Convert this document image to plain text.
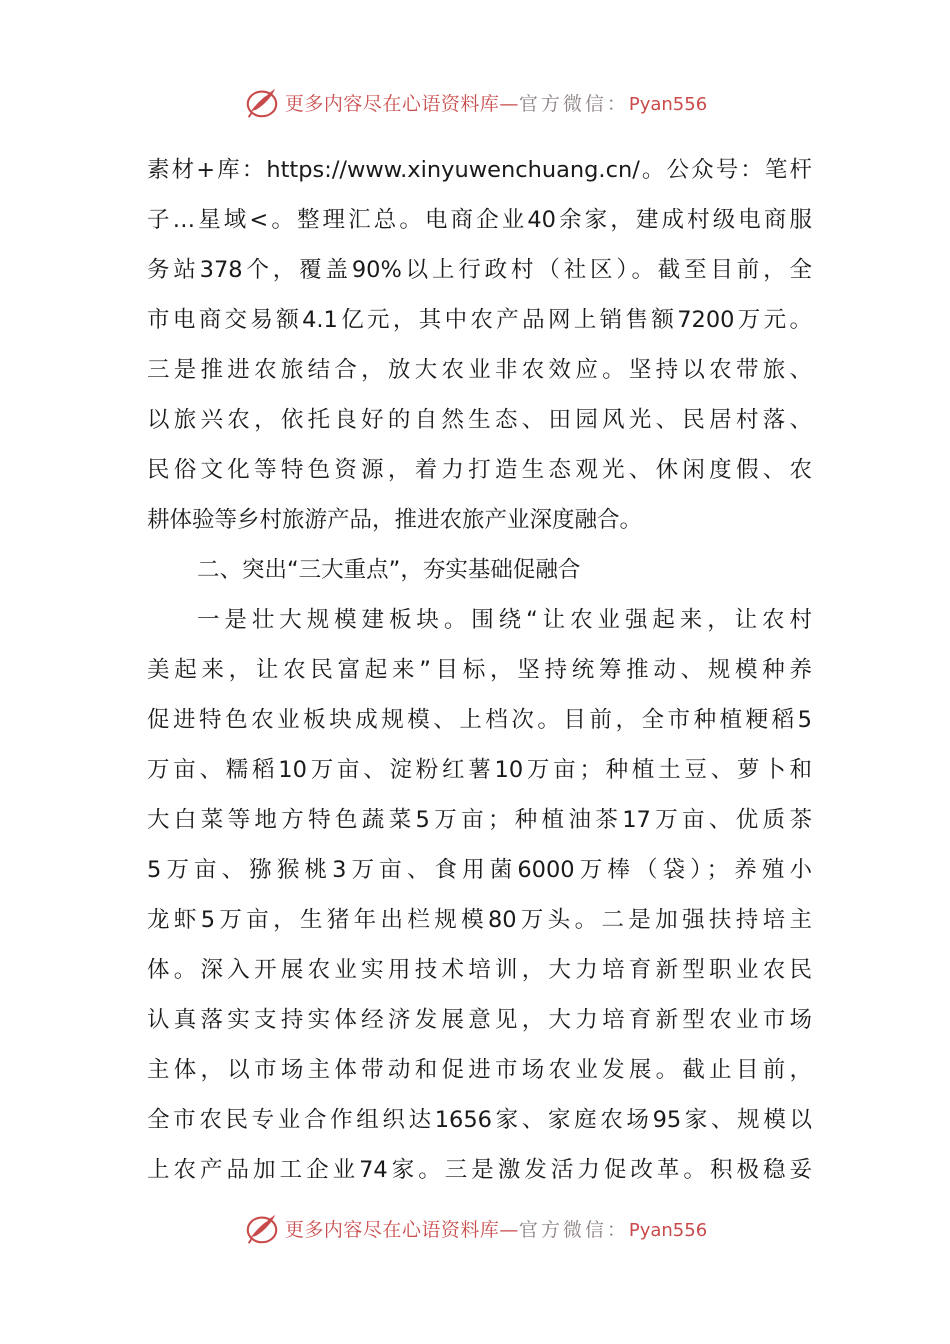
更多内容尽在心语资料库—官方微信：Pyan556
素材+库：https://www.xinyuwenchuang.cn/。公众号：笔杆
子…星域<。整理汇总。电商企业40余家，建成村级电商服
务站378个，覆盖90%以上行政村（社区）。截至目前，全
市电商交易额4.1亿元，其中农产品网上销售额7200万元。
三是推进农旅结合，放大农业非农效应。坚持以农带旅、
以旅兴农，依托良好的自然生态、田园风光、民居村落、
民俗文化等特色资源，着力打造生态观光、休闲度假、农
耕体验等乡村旅游产品，推进农旅产业深度融合。
二、突出“三大重点”，夯实基础促融合
一是壮大规模建板块。围绕“让农业强起来，让农村
美起来，让农民富起来”目标，坚持统筹推动、规模种养
促进特色农业板块成规模、上档次。目前，全市种植粳稻5
万亩、糯稻10万亩、淀粉红薯10万亩；种植土豆、萝卜和
大白菜等地方特色蔬菜5万亩；种植油茶17万亩、优质茶
5万亩、猕猴桃3万亩、食用菌6000万棒（袋）；养殖小
龙虾5万亩，生猪年出栏规模80万头。二是加强扶持培主
体。深入开展农业实用技术培训，大力培育新型职业农民
认真落实支持实体经济发展意见，大力培育新型农业市场
主体，以市场主体带动和促进市场农业发展。截止目前，
全市农民专业合作组织达1656家、家庭农场95家、规模以
上农产品加工企业74家。三是激发活力促改革。积极稳妥
更多内容尽在心语资料库—官方微信：Pyan556
